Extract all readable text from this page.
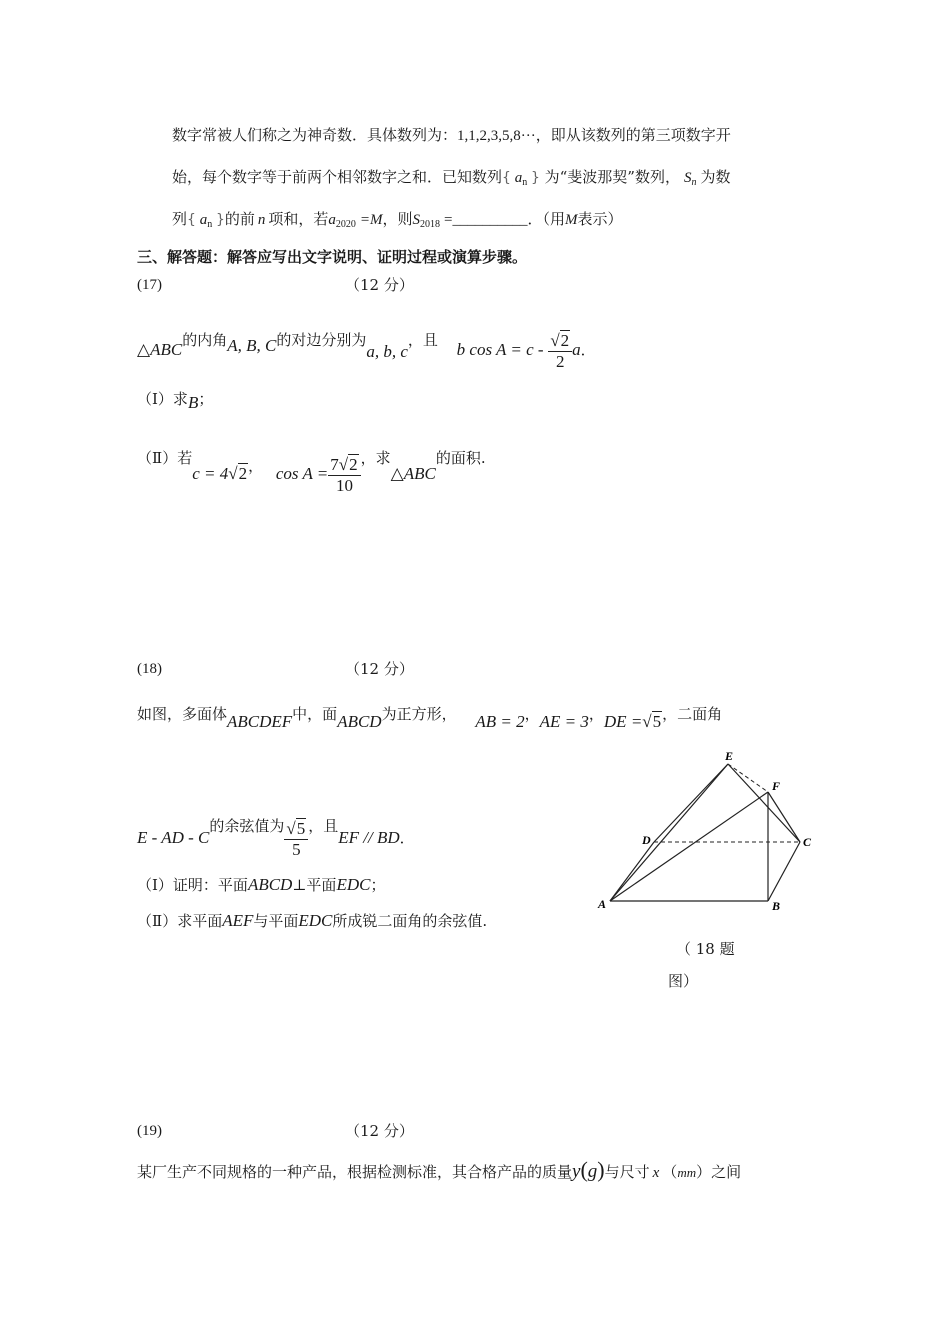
数字常被人们称之为神奇数．具体数列为：1,1,2,3,5,8···，即从该数列的第三项数字开
始，每个数字等于前两个相邻数字之和．已知数列{ $a_n$ } 为“斐波那契”数列， $S_n$ 为数
列{ $a_n$ }的前 n 项和，若$a_{2020} =M$，则$S_{2018}$ =__________．（用M表示）
三、解答题：解答应写出文字说明、证明过程或演算步骤。
(17)	（12 分）
△ABC的内角A, B, C的对边分别为a, b, c，且 b $\cos A = c - \frac{√2}{2}$ a．
（Ⅰ）求B；
（Ⅱ）若c = 4√2， $\cos A = \frac{7√2}{10}$ ，求△ABC的面积.
(18)	（12 分）
如图，多面体ABCDEF中，面ABCD为正方形， AB = 2，AE = 3，DE =√5，二面角
E - AD - C的余弦值为 $\frac{√5}{5}$ ，且EF // BD．
（Ⅰ）证明：平面ABCD⊥平面EDC；
（Ⅱ）求平面AEF与平面EDC所成锐二面角的余弦值.
A	B
C
D
E
F
（ 18 题
图）
(19)	（12 分）
某厂生产不同规格的一种产品，根据检测标准，其合格产品的质量y(g)与尺寸 x （mm）之间
